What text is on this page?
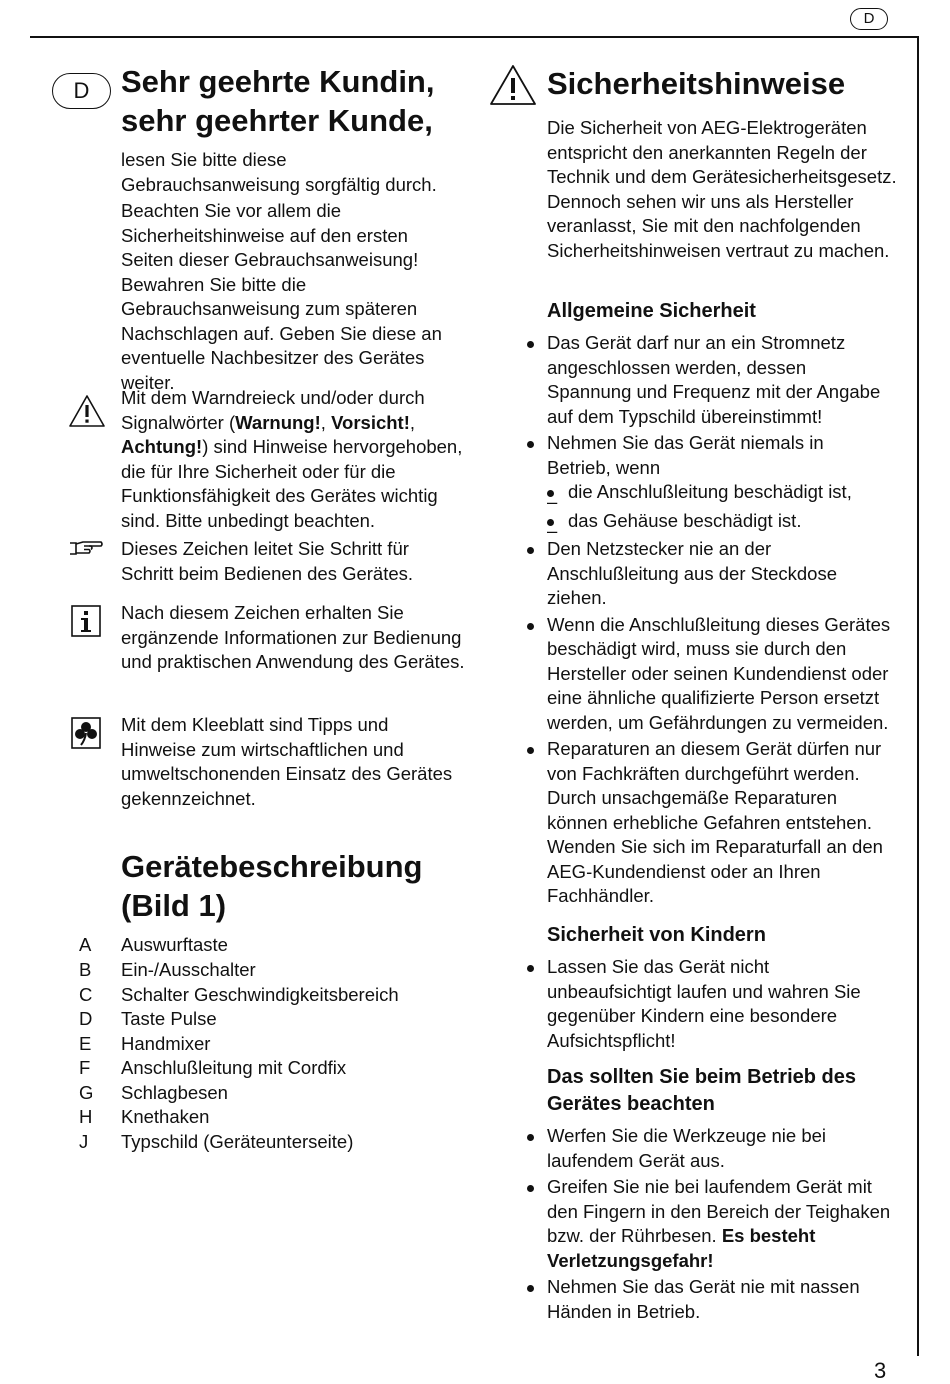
D
3
D	Sehr geehrte Kundin, sehr geehrter Kunde,

lesen Sie bitte diese Gebrauchsanweisung sorgfältig durch.

Beachten Sie vor allem die Sicherheitshinweise auf den ersten Seiten dieser Gebrauchsanweisung! Bewahren Sie bitte die Gebrauchsanweisung zum späteren Nachschlagen auf. Geben Sie diese an eventuelle Nachbesitzer des Gerätes weiter.

Mit dem Warndreieck und/oder durch Signalwörter (Warnung!, Vorsicht!, Achtung!) sind Hinweise hervorgehoben, die für Ihre Sicherheit oder für die Funktionsfähigkeit des Gerätes wichtig sind. Bitte unbedingt beachten.

Dieses Zeichen leitet Sie Schritt für Schritt beim Bedienen des Gerätes.

Nach diesem Zeichen erhalten Sie ergänzende Informationen zur Bedienung und praktischen Anwendung des Gerätes.

Mit dem Kleeblatt sind Tipps und Hinweise zum wirtschaftlichen und umweltschonenden Einsatz des Gerätes gekennzeichnet.

Gerätebeschreibung (Bild 1)
A Auswurftaste
B Ein-/Ausschalter
C Schalter Geschwindigkeitsbereich
D Taste Pulse
E Handmixer
F Anschlußleitung mit Cordfix
G Schlagbesen
H Knethaken
J Typschild (Geräteunterseite)
Sicherheitshinweise

Die Sicherheit von AEG-Elektrogeräten entspricht den anerkannten Regeln der Technik und dem Gerätesicherheitsgesetz. Dennoch sehen wir uns als Hersteller veranlasst, Sie mit den nachfolgenden Sicherheitshinweisen vertraut zu machen.

Allgemeine Sicherheit
Das Gerät darf nur an ein Stromnetz angeschlossen werden, dessen Spannung und Frequenz mit der Angabe auf dem Typschild übereinstimmt!
Nehmen Sie das Gerät niemals in Betrieb, wenn
– die Anschlußleitung beschädigt ist,
– das Gehäuse beschädigt ist.
Den Netzstecker nie an der Anschlußleitung aus der Steckdose ziehen.
Wenn die Anschlußleitung dieses Gerätes beschädigt wird, muss sie durch den Hersteller oder seinen Kundendienst oder eine ähnliche qualifizierte Person ersetzt werden, um Gefährdungen zu vermeiden.
Reparaturen an diesem Gerät dürfen nur von Fachkräften durchgeführt werden. Durch unsachgemäße Reparaturen können erhebliche Gefahren entstehen. Wenden Sie sich im Reparaturfall an den AEG-Kundendienst oder an Ihren Fachhändler.
Sicherheit von Kindern
Lassen Sie das Gerät nicht unbeaufsichtigt laufen und wahren Sie gegenüber Kindern eine besondere Aufsichtspflicht!
Das sollten Sie beim Betrieb des Gerätes beachten
Werfen Sie die Werkzeuge nie bei laufendem Gerät aus.
Greifen Sie nie bei laufendem Gerät mit den Fingern in den Bereich der Teighaken bzw. der Rührbesen. Es besteht Verletzungsgefahr!
Nehmen Sie das Gerät nie mit nassen Händen in Betrieb.
